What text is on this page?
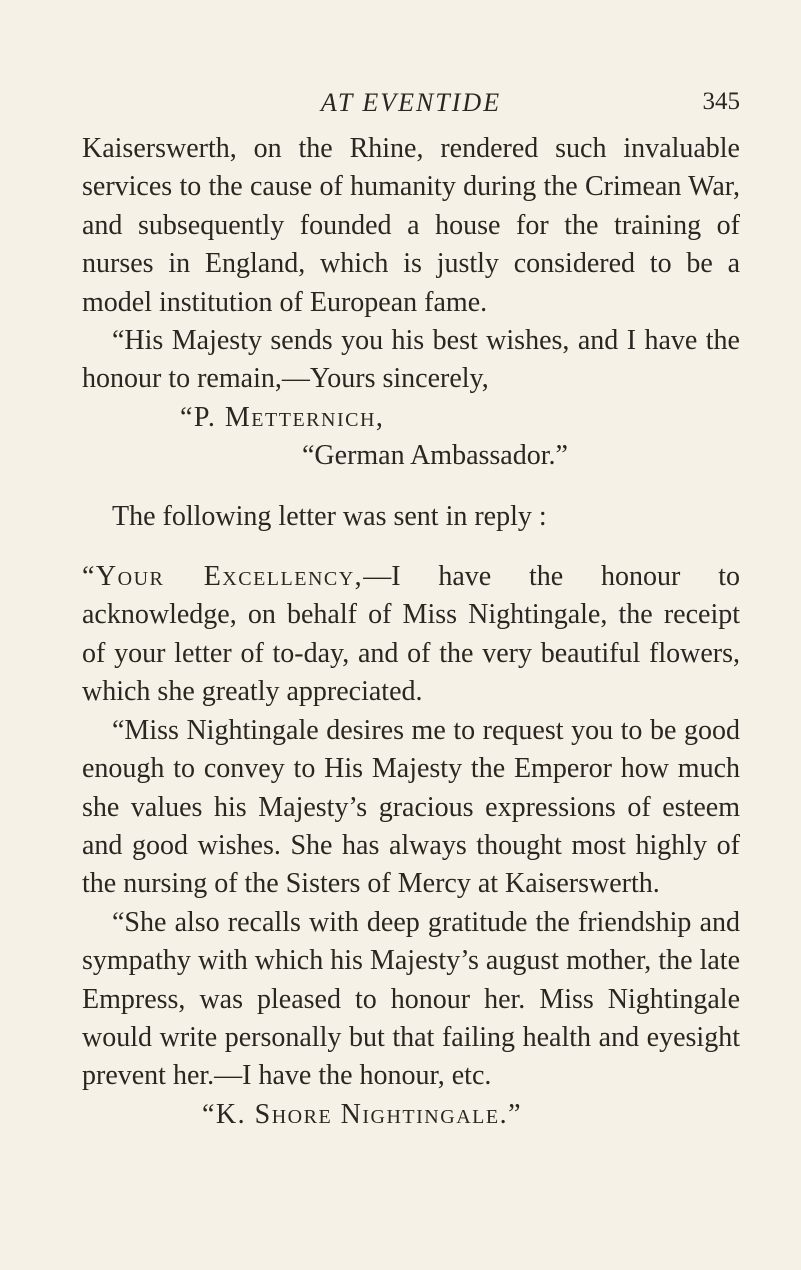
AT EVENTIDE	345

Kaiserswerth, on the Rhine, rendered such invaluable services to the cause of humanity during the Crimean War, and subsequently founded a house for the training of nurses in England, which is justly considered to be a model institution of European fame.

“His Majesty sends you his best wishes, and I have the honour to remain,—Yours sincerely,

“P. Metternich,

“German Ambassador.”

The following letter was sent in reply :

“Your Excellency,—I have the honour to acknowledge, on behalf of Miss Nightingale, the receipt of your letter of to-day, and of the very beautiful flowers, which she greatly appreciated.

“Miss Nightingale desires me to request you to be good enough to convey to His Majesty the Emperor how much she values his Majesty’s gracious expressions of esteem and good wishes. She has always thought most highly of the nursing of the Sisters of Mercy at Kaiserswerth.

“She also recalls with deep gratitude the friendship and sympathy with which his Majesty’s august mother, the late Empress, was pleased to honour her. Miss Nightingale would write personally but that failing health and eyesight prevent her.—I have the honour, etc.

“K. Shore Nightingale.”
